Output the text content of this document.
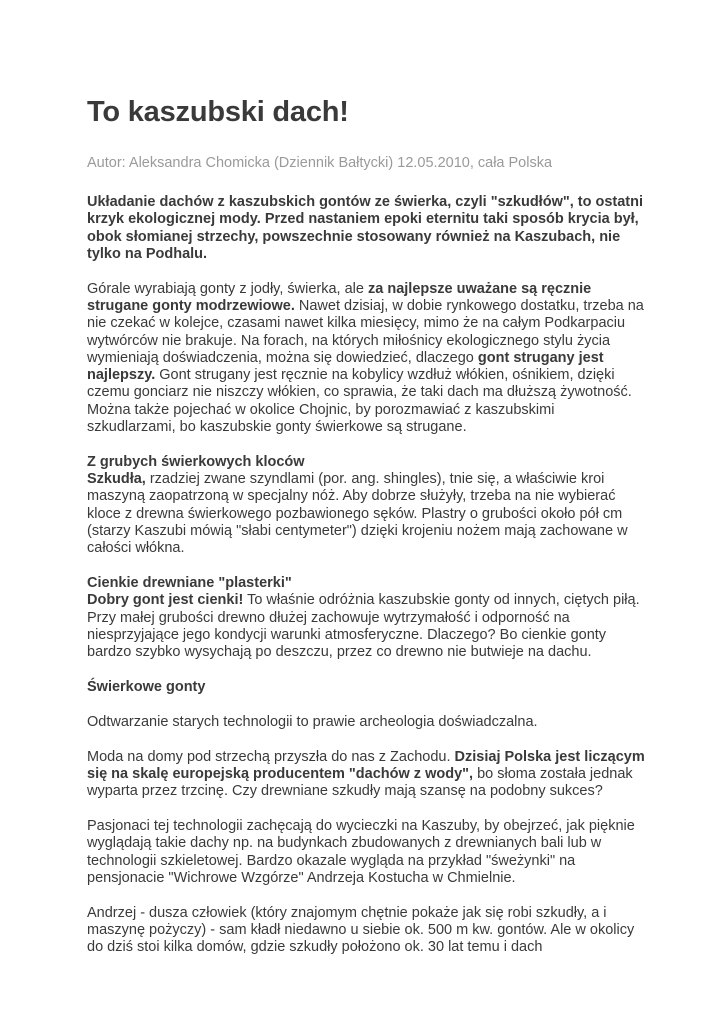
To kaszubski dach!
Autor: Aleksandra Chomicka (Dziennik Bałtycki) 12.05.2010, cała Polska

Układanie dachów z kaszubskich gontów ze świerka, czyli "szkudłów", to ostatni krzyk ekologicznej mody. Przed nastaniem epoki eternitu taki sposób krycia był, obok słomianej strzechy, powszechnie stosowany również na Kaszubach, nie tylko na Podhalu.

Górale wyrabiają gonty z jodły, świerka, ale za najlepsze uważane są ręcznie strugane gonty modrzewiowe. Nawet dzisiaj, w dobie rynkowego dostatku, trzeba na nie czekać w kolejce, czasami nawet kilka miesięcy, mimo że na całym Podkarpaciu wytwórców nie brakuje. Na forach, na których miłośnicy ekologicznego stylu życia wymieniają doświadczenia, można się dowiedzieć, dlaczego gont strugany jest najlepszy. Gont strugany jest ręcznie na kobylicy wzdłuż włókien, ośnikiem, dzięki czemu gonciarz nie niszczy włókien, co sprawia, że taki dach ma dłuższą żywotność. Można także pojechać w okolice Chojnic, by porozmawiać z kaszubskimi szkudlarzami, bo kaszubskie gonty świerkowe są strugane.

Z grubych świerkowych kloców
Szkudła, rzadziej zwane szyndlami (por. ang. shingles), tnie się, a właściwie kroi maszyną zaopatrzoną w specjalny nóż. Aby dobrze służyły, trzeba na nie wybierać kloce z drewna świerkowego pozbawionego sęków. Plastry o grubości około pół cm (starzy Kaszubi mówią "słabi centymeter") dzięki krojeniu nożem mają zachowane w całości włókna.
Cienkie drewniane "plasterki"
Dobry gont jest cienki! To właśnie odróżnia kaszubskie gonty od innych, ciętych piłą. Przy małej grubości drewno dłużej zachowuje wytrzymałość i odporność na niesprzyjające jego kondycji warunki atmosferyczne. Dlaczego? Bo cienkie gonty bardzo szybko wysychają po deszczu, przez co drewno nie butwieje na dachu.
Świerkowe gonty

Odtwarzanie starych technologii to prawie archeologia doświadczalna.

Moda na domy pod strzechą przyszła do nas z Zachodu. Dzisiaj Polska jest liczącym się na skalę europejską producentem "dachów z wody", bo słoma została jednak wyparta przez trzcinę. Czy drewniane szkudły mają szansę na podobny sukces?

Pasjonaci tej technologii zachęcają do wycieczki na Kaszuby, by obejrzeć, jak pięknie wyglądają takie dachy np. na budynkach zbudowanych z drewnianych bali lub w technologii szkieletowej. Bardzo okazale wygląda na przykład "śweżynki" na pensjonacie "Wichrowe Wzgórze" Andrzeja Kostucha w Chmielnie.

Andrzej - dusza człowiek (który znajomym chętnie pokaże jak się robi szkudły, a i maszynę pożyczy) - sam kładł niedawno u siebie ok. 500 m kw. gontów. Ale w okolicy do dziś stoi kilka domów, gdzie szkudły położono ok. 30 lat temu i dach
